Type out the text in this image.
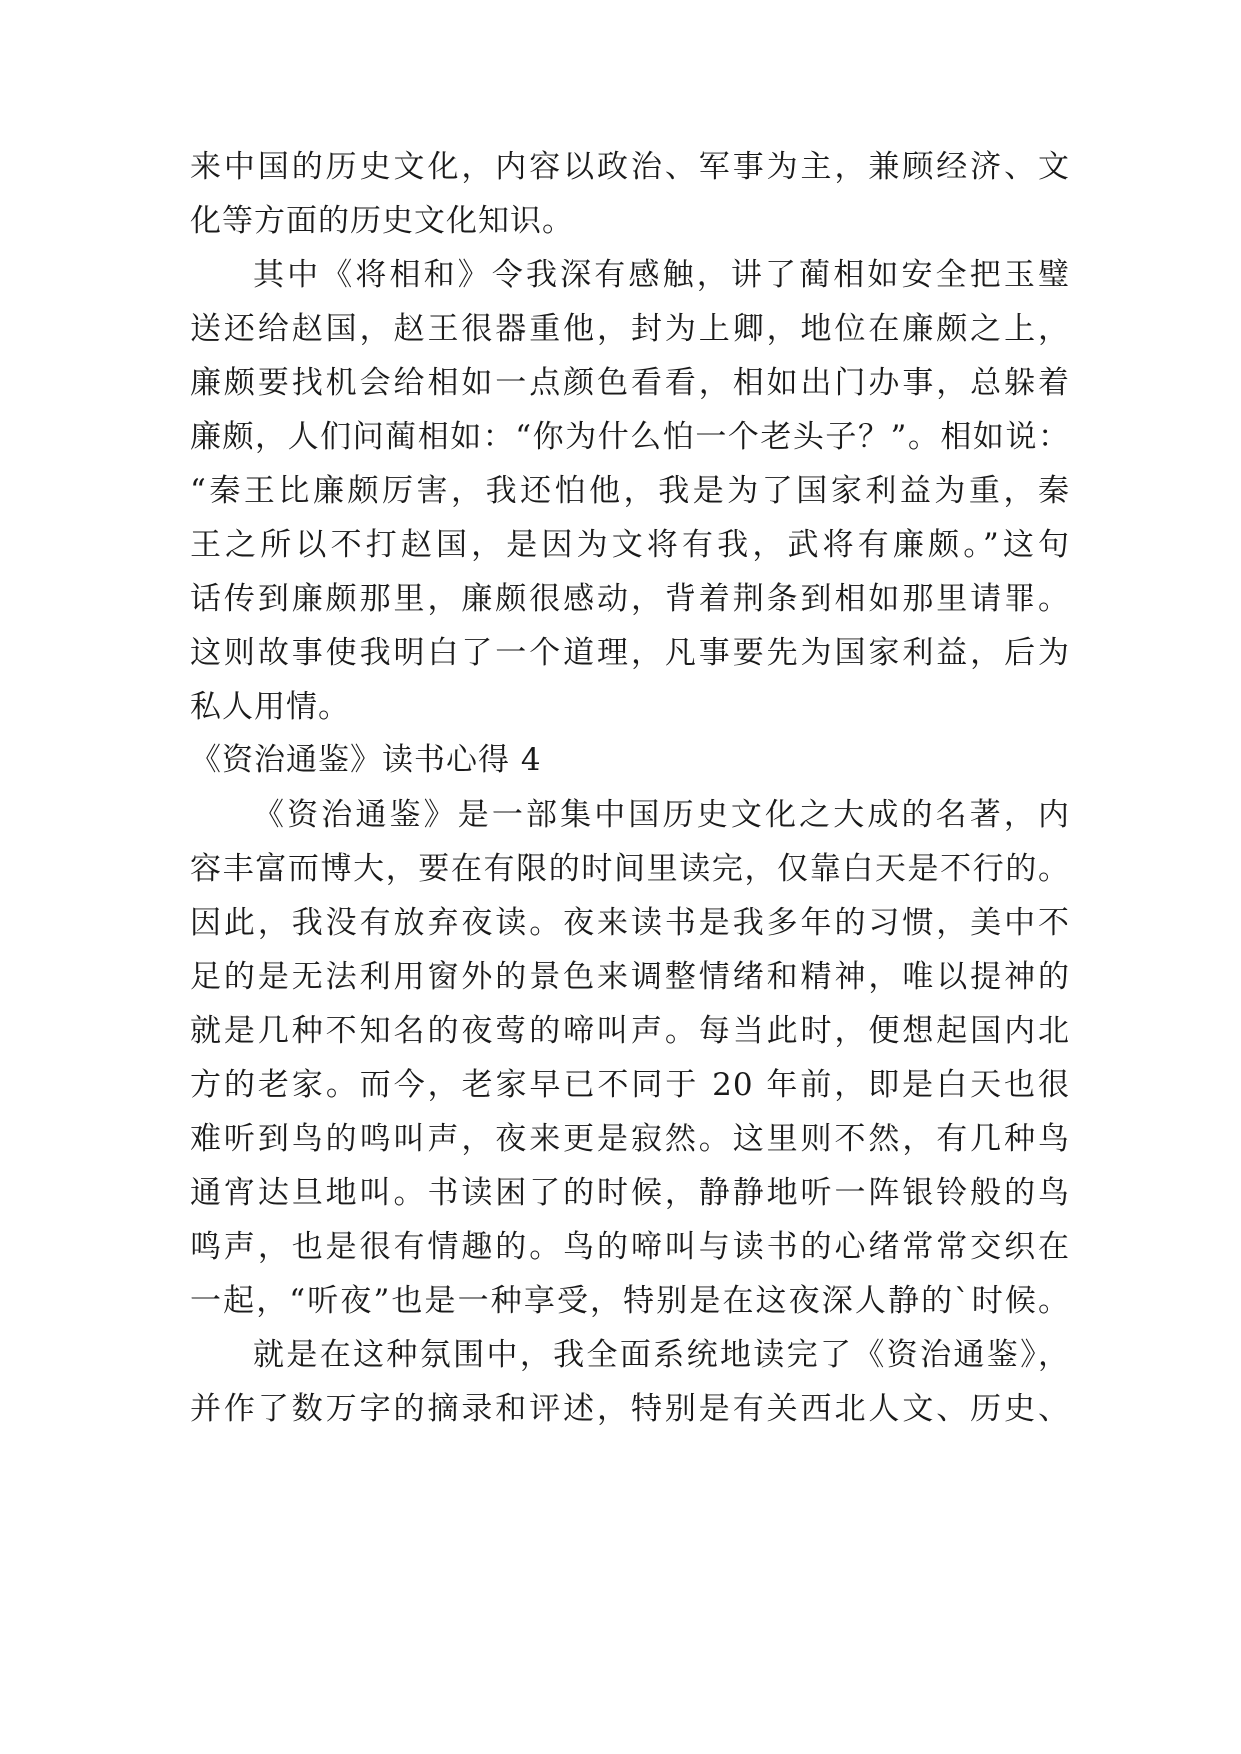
来中国的历史文化，内容以政治、军事为主，兼顾经济、文
化等方面的历史文化知识。
其中《将相和》令我深有感触，讲了蔺相如安全把玉璧
送还给赵国，赵王很器重他，封为上卿，地位在廉颇之上，
廉颇要找机会给相如一点颜色看看，相如出门办事，总躲着
廉颇，人们问蔺相如：“你为什么怕一个老头子？”。相如说：
“秦王比廉颇厉害，我还怕他，我是为了国家利益为重，秦
王之所以不打赵国，是因为文将有我，武将有廉颇。”这句
话传到廉颇那里，廉颇很感动，背着荆条到相如那里请罪。
这则故事使我明白了一个道理，凡事要先为国家利益，后为
私人用情。
《资治通鉴》读书心得 4
《资治通鉴》是一部集中国历史文化之大成的名著，内
容丰富而博大，要在有限的时间里读完，仅靠白天是不行的。
因此，我没有放弃夜读。夜来读书是我多年的习惯，美中不
足的是无法利用窗外的景色来调整情绪和精神，唯以提神的
就是几种不知名的夜莺的啼叫声。每当此时，便想起国内北
方的老家。而今，老家早已不同于 20 年前，即是白天也很
难听到鸟的鸣叫声，夜来更是寂然。这里则不然，有几种鸟
通宵达旦地叫。书读困了的时候，静静地听一阵银铃般的鸟
鸣声，也是很有情趣的。鸟的啼叫与读书的心绪常常交织在
一起，“听夜”也是一种享受，特别是在这夜深人静的`时候。
就是在这种氛围中，我全面系统地读完了《资治通鉴》，
并作了数万字的摘录和评述，特别是有关西北人文、历史、
